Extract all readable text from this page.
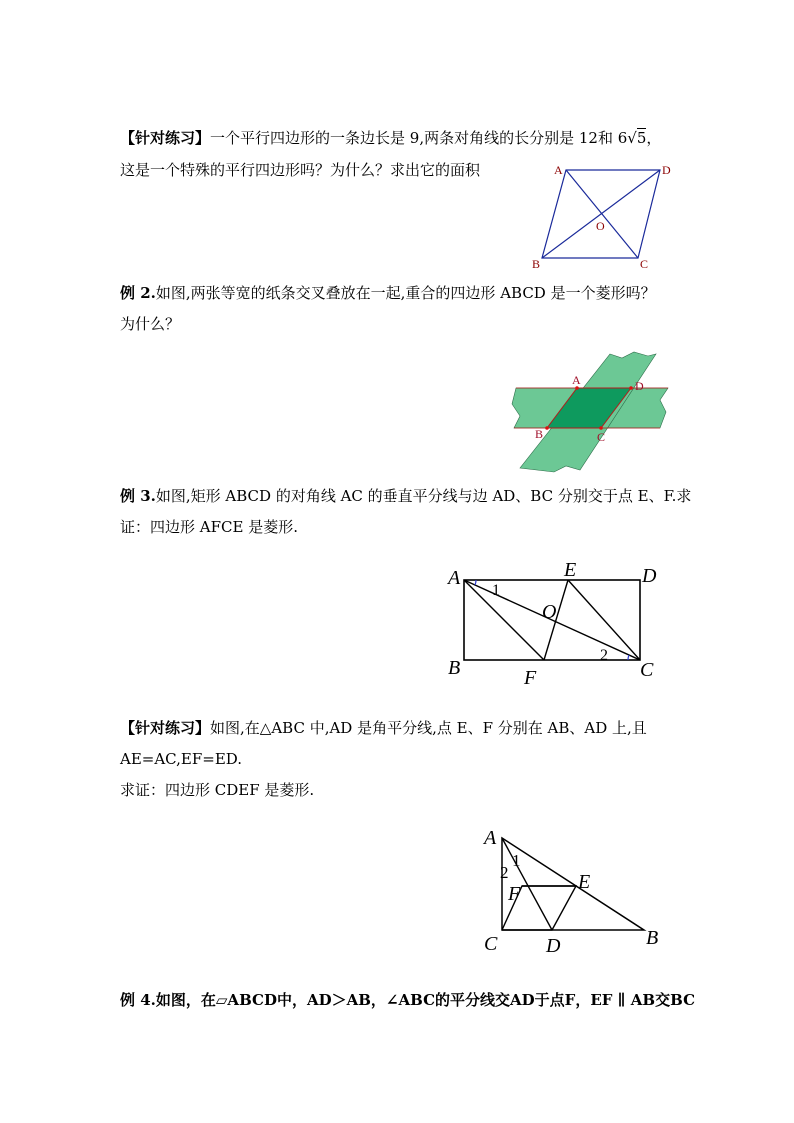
【针对练习】一个平行四边形的一条边长是 9,两条对角线的长分别是 12和 6√5，
这是一个特殊的平行四边形吗？为什么？求出它的面积	A	D
O
B	C
例 2.如图,两张等宽的纸条交叉叠放在一起,重合的四边形 ABCD 是一个菱形吗？
为什么？
A	D
B	C
例 3.如图,矩形 ABCD 的对角线 AC 的垂直平分线与边 AD、BC 分别交于点 E、F.求
证：四边形 AFCE 是菱形.
A	E	D
O
B	F	C
1
2
【针对练习】如图,在△ABC 中,AD 是角平分线,点 E、F 分别在 AB、AD 上,且
AE=AC,EF=ED.
求证：四边形 CDEF 是菱形.
A
1
2
F
E
C D	B
例 4.如图，在▱ABCD中，AD＞AB，∠ABC的平分线交AD于点F，EF ∥ AB交BC
